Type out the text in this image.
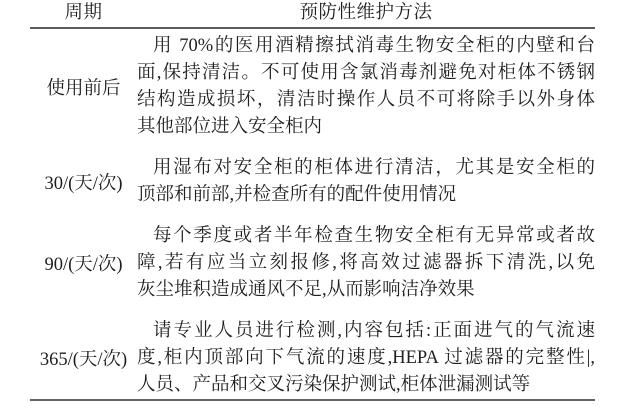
周期	预防性维护方法
使用前后
用 70%的医用酒精擦拭消毒生物安全柜的内壁和台
面,保持清洁。不可使用含氯消毒剂避免对柜体不锈钢
结构造成损坏，清洁时操作人员不可将除手以外身体
其他部位进入安全柜内
30/(天/次)
用湿布对安全柜的柜体进行清洁，尤其是安全柜的
顶部和前部,并检查所有的配件使用情况
90/(天/次)
每个季度或者半年检查生物安全柜有无异常或者故
障,若有应当立刻报修,将高效过滤器拆下清洗,以免
灰尘堆积造成通风不足,从而影响洁净效果
365/(天/次)
请专业人员进行检测,内容包括:正面进气的气流速
度,柜内顶部向下气流的速度,HEPA 过滤器的完整性|,
人员、产品和交叉污染保护测试,柜体泄漏测试等
